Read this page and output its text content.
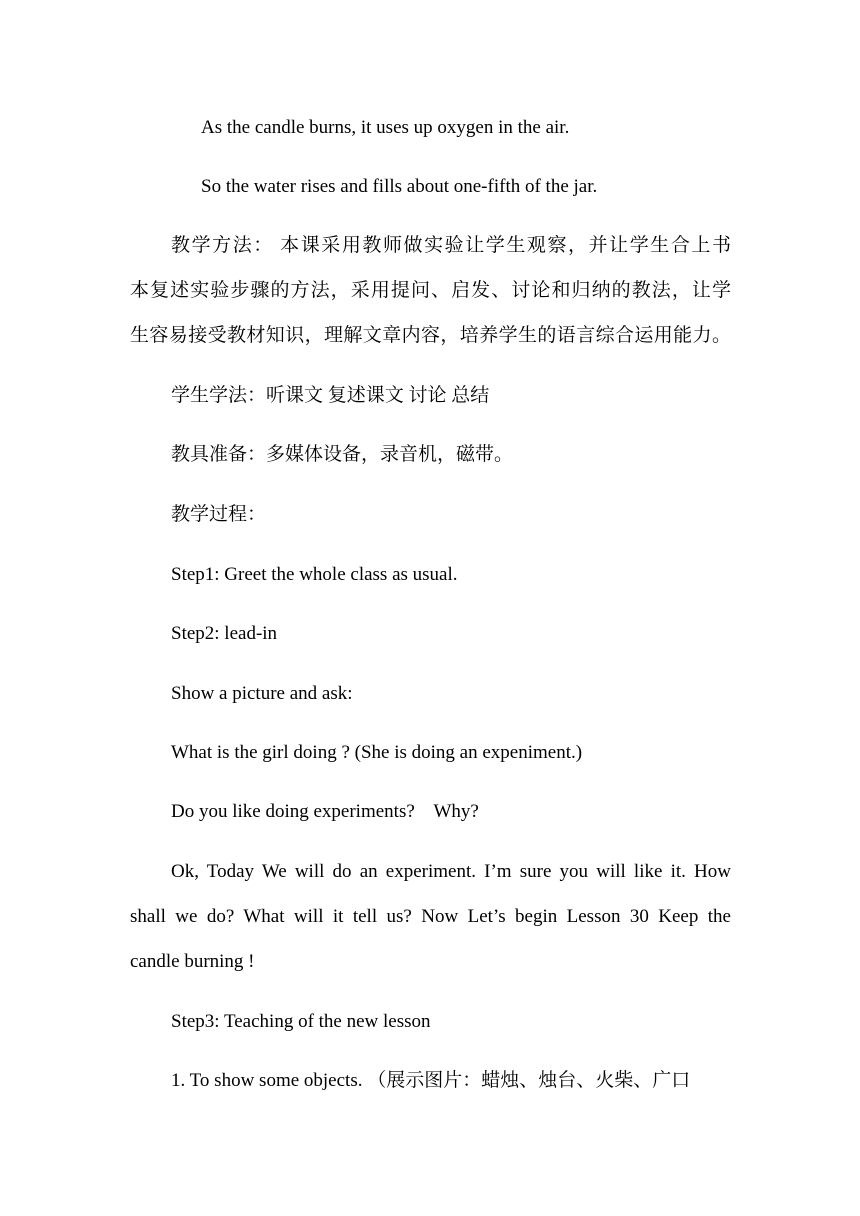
As the candle burns, it uses up oxygen in the air.
So the water rises and fills about one-fifth of the jar.
教学方法： 本课采用教师做实验让学生观察，并让学生合上书
本复述实验步骤的方法，采用提问、启发、讨论和归纳的教法，让学
生容易接受教材知识，理解文章内容，培养学生的语言综合运用能力。
学生学法：听课文 复述课文 讨论 总结
教具准备：多媒体设备，录音机，磁带。
教学过程：
Step1: Greet the whole class as usual.
Step2: lead-in
Show a picture and ask:
What is the girl doing ? (She is doing an expeniment.)
Do you like doing experiments?    Why?
Ok, Today We will do an experiment. I’m sure you will like it. How
shall we do? What will it tell us? Now Let’s begin Lesson 30 Keep the
candle burning !
Step3: Teaching of the new lesson
1. To show some objects. （展示图片：蜡烛、烛台、火柴、广口
